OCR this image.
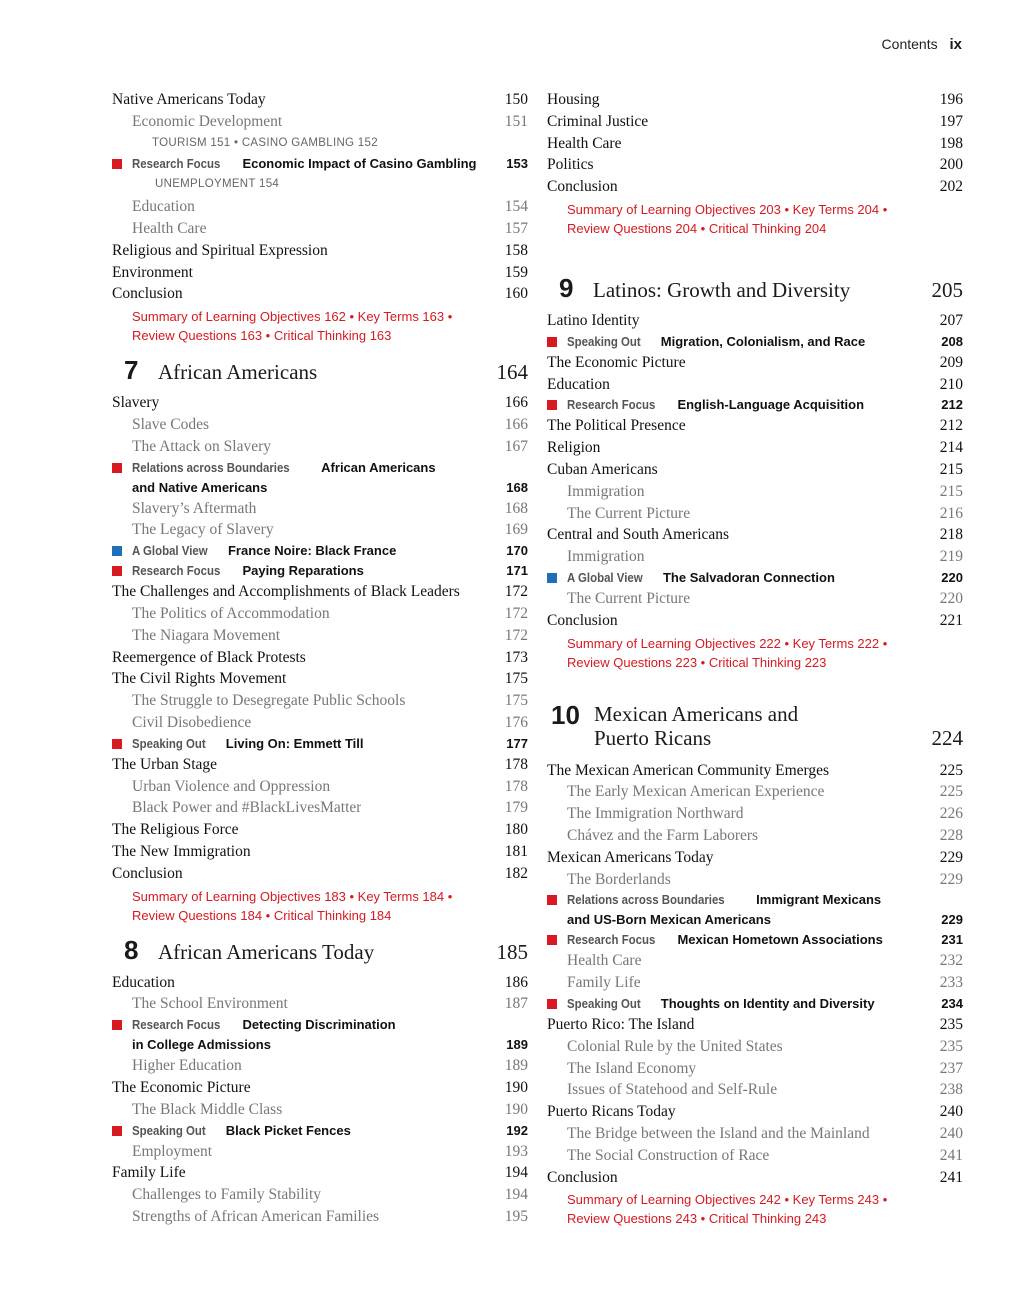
Contents ix
Native Americans Today	150
Economic Development	151
TOURISM 151 • CASINO GAMBLING 152
Research Focus Economic Impact of Casino Gambling 153
UNEMPLOYMENT 154
Education	154
Health Care	157
Religious and Spiritual Expression	158
Environment	159
Conclusion	160
Summary of Learning Objectives 162 • Key Terms 163 •
Review Questions 163 • Critical Thinking 163
7 African Americans	164
Slavery	166
Slave Codes	166
The Attack on Slavery	167
Relations across Boundaries African Americans
and Native Americans	168
Slavery’s Aftermath	168
The Legacy of Slavery	169
A Global View France Noire: Black France	170
Research Focus Paying Reparations	171
The Challenges and Accomplishments of Black Leaders	172
The Politics of Accommodation	172
The Niagara Movement	172
Reemergence of Black Protests	173
The Civil Rights Movement	175
The Struggle to Desegregate Public Schools	175
Civil Disobedience	176
Speaking Out Living On: Emmett Till	177
The Urban Stage	178
Urban Violence and Oppression	178
Black Power and #BlackLivesMatter	179
The Religious Force	180
The New Immigration	181
Conclusion	182
Summary of Learning Objectives 183 • Key Terms 184 •
Review Questions 184 • Critical Thinking 184
8 African Americans Today	185
Education	186
The School Environment	187
Research Focus Detecting Discrimination
in College Admissions	189
Higher Education	189
The Economic Picture	190
The Black Middle Class	190
Speaking Out Black Picket Fences	192
Employment	193
Family Life	194
Challenges to Family Stability	194
Strengths of African American Families	195
Housing	196
Criminal Justice	197
Health Care	198
Politics	200
Conclusion	202
Summary of Learning Objectives 203 • Key Terms 204 •
Review Questions 204 • Critical Thinking 204
9 Latinos: Growth and Diversity	205
Latino Identity	207
Speaking Out Migration, Colonialism, and Race	208
The Economic Picture	209
Education	210
Research Focus English-Language Acquisition	212
The Political Presence	212
Religion	214
Cuban Americans	215
Immigration	215
The Current Picture	216
Central and South Americans	218
Immigration	219
A Global View The Salvadoran Connection	220
The Current Picture	220
Conclusion	221
Summary of Learning Objectives 222 • Key Terms 222 •
Review Questions 223 • Critical Thinking 223
10 Mexican Americans and
Puerto Ricans	224
The Mexican American Community Emerges	225
The Early Mexican American Experience	225
The Immigration Northward	226
Chávez and the Farm Laborers	228
Mexican Americans Today	229
The Borderlands	229
Relations across Boundaries Immigrant Mexicans
and US-Born Mexican Americans	229
Research Focus Mexican Hometown Associations	231
Health Care	232
Family Life	233
Speaking Out Thoughts on Identity and Diversity	234
Puerto Rico: The Island	235
Colonial Rule by the United States	235
The Island Economy	237
Issues of Statehood and Self-Rule	238
Puerto Ricans Today	240
The Bridge between the Island and the Mainland	240
The Social Construction of Race	241
Conclusion	241
Summary of Learning Objectives 242 • Key Terms 243 •
Review Questions 243 • Critical Thinking 243
